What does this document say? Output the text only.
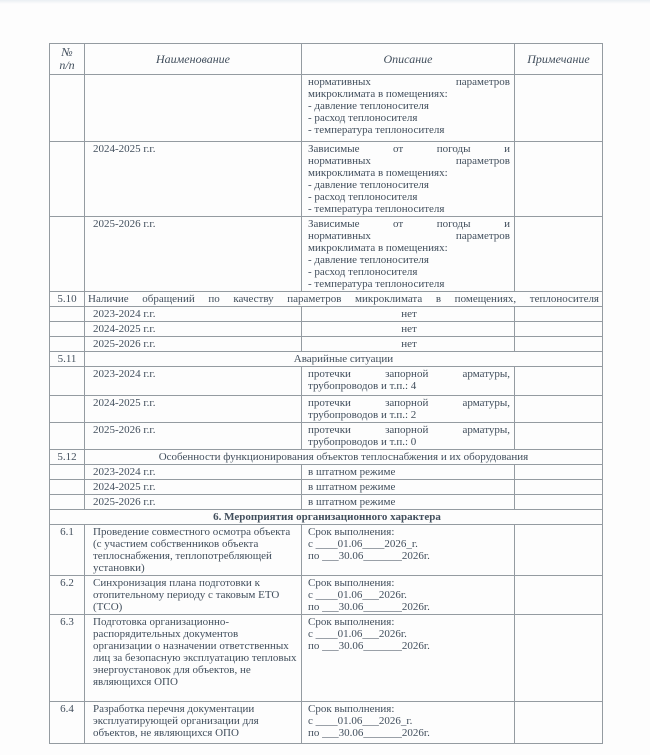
№
п/п	Наименование	Описание	Примечание

		нормативных параметров
микроклимата в помещениях:
- давление теплоносителя
- расход теплоносителя
- температура теплоносителя	

	2024-2025 г.г.	Зависимые от погоды и
нормативных параметров
микроклимата в помещениях:
- давление теплоносителя
- расход теплоносителя
- температура теплоносителя

	2025-2026 г.г.	Зависимые от погоды и
нормативных параметров
микроклимата в помещениях:
- давление теплоносителя
- расход теплоносителя
- температура теплоносителя

5.10	Наличие обращений по качеству параметров микроклимата в помещениях, теплоносителя		
	2023-2024 г.г.	нет	
	2024-2025 г.г.	нет	
	2025-2026 г.г.	нет	
5.11	Аварийные ситуации		
	2023-2024 г.г.	протечки запорной арматуры,
трубопроводов и т.п.: 4	

	2024-2025 г.г.	протечки запорной арматуры,
трубопроводов и т.п.: 2	

	2025-2026 г.г.	протечки запорной арматуры,
трубопроводов и т.п.: 0	

5.12	Особенности функционирования объектов теплоснабжения и их оборудования		
	2023-2024 г.г.	в штатном режиме	
	2024-2025 г.г.	в штатном режиме	
	2025-2026 г.г.	в штатном режиме	
6. Мероприятия организационного характера			
6.1	Проведение совместного осмотра объекта (с участием собственников объекта теплоснабжения, теплопотребляющей установки)	Срок выполнения:
с ____01.06____2026_г.
по ___30.06_______2026г.	

6.2	Синхронизация плана подготовки к отопительному периоду с таковым ЕТО (ТСО)	Срок выполнения:
с ____01.06___2026г.
по ___30.06_______2026г.	

6.3	Подготовка организационно-распорядительных документов организации о назначении ответственных лиц за безопасную эксплуатацию тепловых энергоустановок для объектов, не являющихся ОПО	Срок выполнения:
с ____01.06___2026г.
по ___30.06_______2026г.	

6.4	Разработка перечня документации эксплуатирующей организации для объектов, не являющихся ОПО	Срок выполнения:
с ____01.06___2026_г.
по ___30.06_______2026г.	
